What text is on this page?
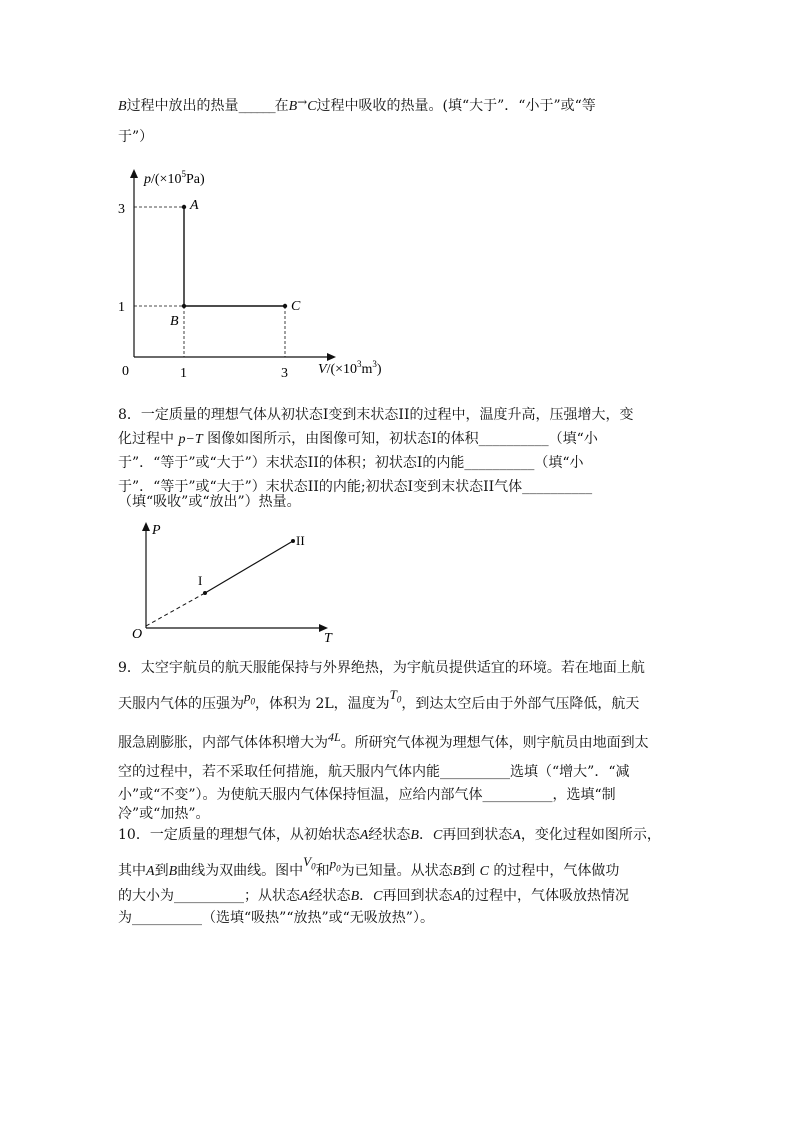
B过程中放出的热量______在B→C过程中吸收的热量。(填“大于”．“小于”或“等
于”）
$p/(\times 10^5Pa)$
$V/(\times 10^3m^3)$
A
B
C
3
1
0	1	3
8．一定质量的理想气体从初状态I变到末状态II的过程中，温度升高，压强增大，变
化过程中 p−T 图像如图所示，由图像可知，初状态I的体积__________（填“小
于”．“等于”或“大于”）末状态II的体积；初状态I的内能__________（填“小
于”．“等于”或“大于”）末状态II的内能;初状态I变到末状态II气体__________
（填“吸收”或“放出”）热量。
P
T
O
I
II
9．太空宇航员的航天服能保持与外界绝热，为宇航员提供适宜的环境。若在地面上航
天服内气体的压强为$p_0$，体积为 2L，温度为$T_0$，到达太空后由于外部气压降低，航天
服急剧膨胀，内部气体体积增大为4L。所研究气体视为理想气体，则宇航员由地面到太
空的过程中，若不采取任何措施，航天服内气体内能__________选填（“增大”．“减
小”或“不变”）。为使航天服内气体保持恒温，应给内部气体__________，选填“制
冷”或“加热”。
10．一定质量的理想气体，从初始状态A经状态B．C再回到状态A，变化过程如图所示，
其中A到B曲线为双曲线。图中$V_0$和$p_0$为已知量。从状态B到 C 的过程中，气体做功
的大小为__________；从状态A经状态B．C再回到状态A的过程中，气体吸放热情况
为__________（选填“吸热”“放热”或“无吸放热”）。
